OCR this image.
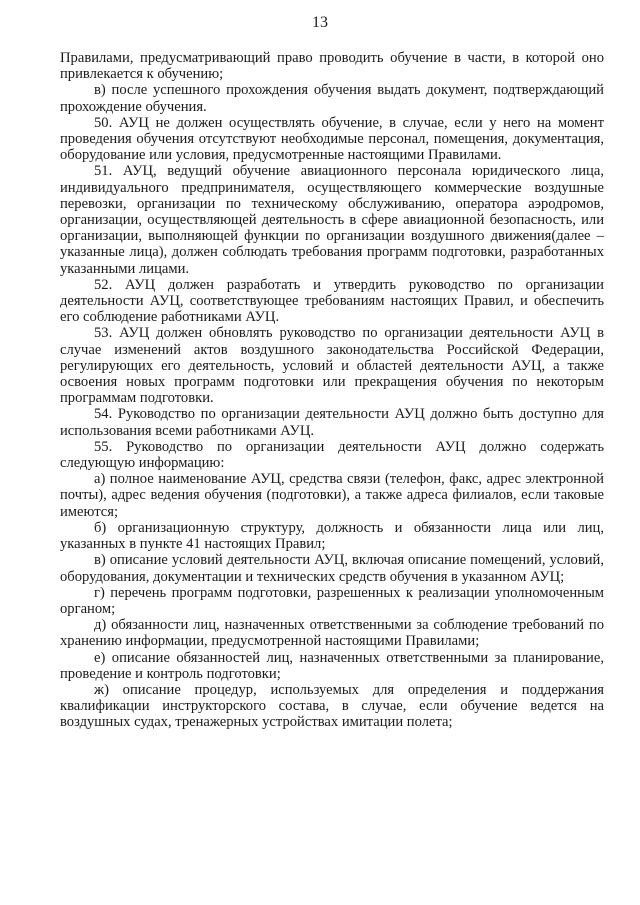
13

Правилами, предусматривающий право проводить обучение в части, в которой оно привлекается к обучению;

в) после успешного прохождения обучения выдать документ, подтверждающий прохождение обучения.

50. АУЦ не должен осуществлять обучение, в случае, если у него на момент проведения обучения отсутствуют необходимые персонал, помещения, документация, оборудование или условия, предусмотренные настоящими Правилами.

51. АУЦ, ведущий обучение авиационного персонала юридического лица, индивидуального предпринимателя, осуществляющего коммерческие воздушные перевозки, организации по техническому обслуживанию, оператора аэродромов, организации, осуществляющей деятельность в сфере авиационной безопасность, или организации, выполняющей функции по организации воздушного движения(далее – указанные лица), должен соблюдать требования программ подготовки, разработанных указанными лицами.

52. АУЦ должен разработать и утвердить руководство по организации деятельности АУЦ, соответствующее требованиям настоящих Правил, и обеспечить его соблюдение работниками АУЦ.

53. АУЦ должен обновлять руководство по организации деятельности АУЦ в случае изменений актов воздушного законодательства Российской Федерации, регулирующих его деятельность, условий и областей деятельности АУЦ, а также освоения новых программ подготовки или прекращения обучения по некоторым программам подготовки.

54. Руководство по организации деятельности АУЦ должно быть доступно для использования всеми работниками АУЦ.

55. Руководство по организации деятельности АУЦ должно содержать следующую информацию:

а) полное наименование АУЦ, средства связи (телефон, факс, адрес электронной почты), адрес ведения обучения (подготовки), а также адреса филиалов, если таковые имеются;

б) организационную структуру, должность и обязанности лица или лиц, указанных в пункте 41 настоящих Правил;

в) описание условий деятельности АУЦ, включая описание помещений, условий, оборудования, документации и технических средств обучения в указанном АУЦ;

г) перечень программ подготовки, разрешенных к реализации уполномоченным органом;

д) обязанности лиц, назначенных ответственными за соблюдение требований по хранению информации, предусмотренной настоящими Правилами;

е) описание обязанностей лиц, назначенных ответственными за планирование, проведение и контроль подготовки;

ж) описание процедур, используемых для определения и поддержания квалификации инструкторского состава, в случае, если обучение ведется на воздушных судах, тренажерных устройствах имитации полета;
